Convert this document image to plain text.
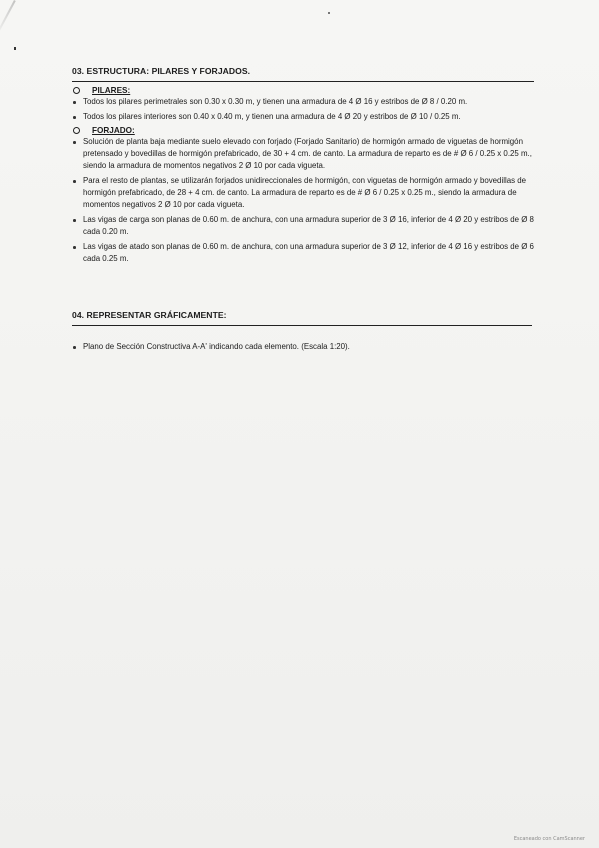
03. ESTRUCTURA: PILARES Y FORJADOS.
PILARES:
Todos los pilares perimetrales son 0.30 x 0.30 m, y tienen una armadura de 4 Ø 16 y estribos de Ø 8 / 0.20 m.
Todos los pilares interiores son 0.40 x 0.40 m, y tienen una armadura de 4 Ø 20 y estribos de Ø 10 / 0.25 m.
FORJADO:
Solución de planta baja mediante suelo elevado con forjado (Forjado Sanitario) de hormigón armado de viguetas de hormigón pretensado y bovedillas de hormigón prefabricado, de 30 + 4 cm. de canto. La armadura de reparto es de # Ø 6 / 0.25 x 0.25 m., siendo la armadura de momentos negativos 2 Ø 10 por cada vigueta.
Para el resto de plantas, se utilizarán forjados unidireccionales de hormigón, con viguetas de hormigón armado y bovedillas de hormigón prefabricado, de 28 + 4 cm. de canto. La armadura de reparto es de # Ø 6 / 0.25 x 0.25 m., siendo la armadura de momentos negativos 2 Ø 10 por cada vigueta.
Las vigas de carga son planas de 0.60 m. de anchura, con una armadura superior de 3 Ø 16, inferior de 4 Ø 20 y estribos de Ø 8 cada 0.20 m.
Las vigas de atado son planas de 0.60 m. de anchura, con una armadura superior de 3 Ø 12, inferior de 4 Ø 16 y estribos de Ø 6 cada 0.25 m.
04. REPRESENTAR GRÁFICAMENTE:
Plano de Sección Constructiva A-A' indicando cada elemento. (Escala 1:20).
Escaneado con CamScanner
